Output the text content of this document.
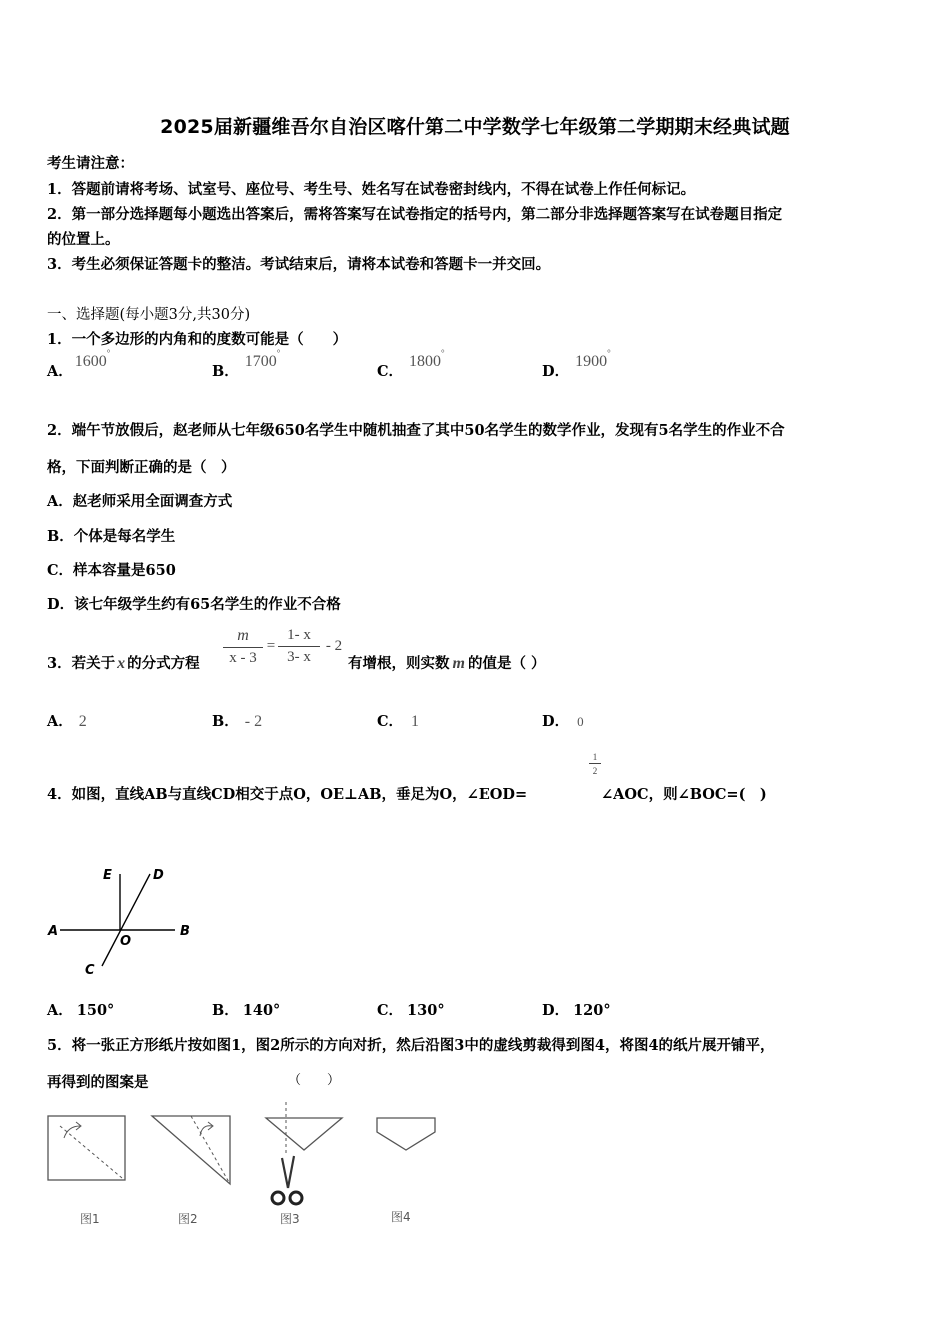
2025届新疆维吾尔自治区喀什第二中学数学七年级第二学期期末经典试题
考生请注意：
1．答题前请将考场、试室号、座位号、考生号、姓名写在试卷密封线内，不得在试卷上作任何标记。
2．第一部分选择题每小题选出答案后，需将答案写在试卷指定的括号内，第二部分非选择题答案写在试卷题目指定
的位置上。
3．考生必须保证答题卡的整洁。考试结束后，请将本试卷和答题卡一并交回。
一、选择题(每小题3分,共30分)
1．一个多边形的内角和的度数可能是（　　）
A．1600°
B．1700°
C．1800°
D．1900°
2．端午节放假后，赵老师从七年级650名学生中随机抽查了其中50名学生的数学作业，发现有5名学生的作业不合
格，下面判断正确的是（　）
A．赵老师采用全面调查方式
B．个体是每名学生
C．样本容量是650
D．该七年级学生约有65名学生的作业不合格
3．若关于 x 的分式方程 $\frac{m}{x - 3} = \frac{1- x}{3- x} - 2$
有增根，则实数 m 的值是（ ）
A． 2	B． - 2	C． 1	D． 0
4．如图，直线AB与直线CD相交于点O，OE⊥AB，垂足为O，∠EOD=
$\frac{1}{2}$
∠AOC，则∠BOC=(　)
A	B
C
D
E
O
A． 150°	B． 140°	C． 130°	D． 120°
5．将一张正方形纸片按如图1，图2所示的方向对折，然后沿图3中的虚线剪裁得到图4，将图4的纸片展开铺平，
再得到的图案是	（　　）
图1	图2	图3	图4
